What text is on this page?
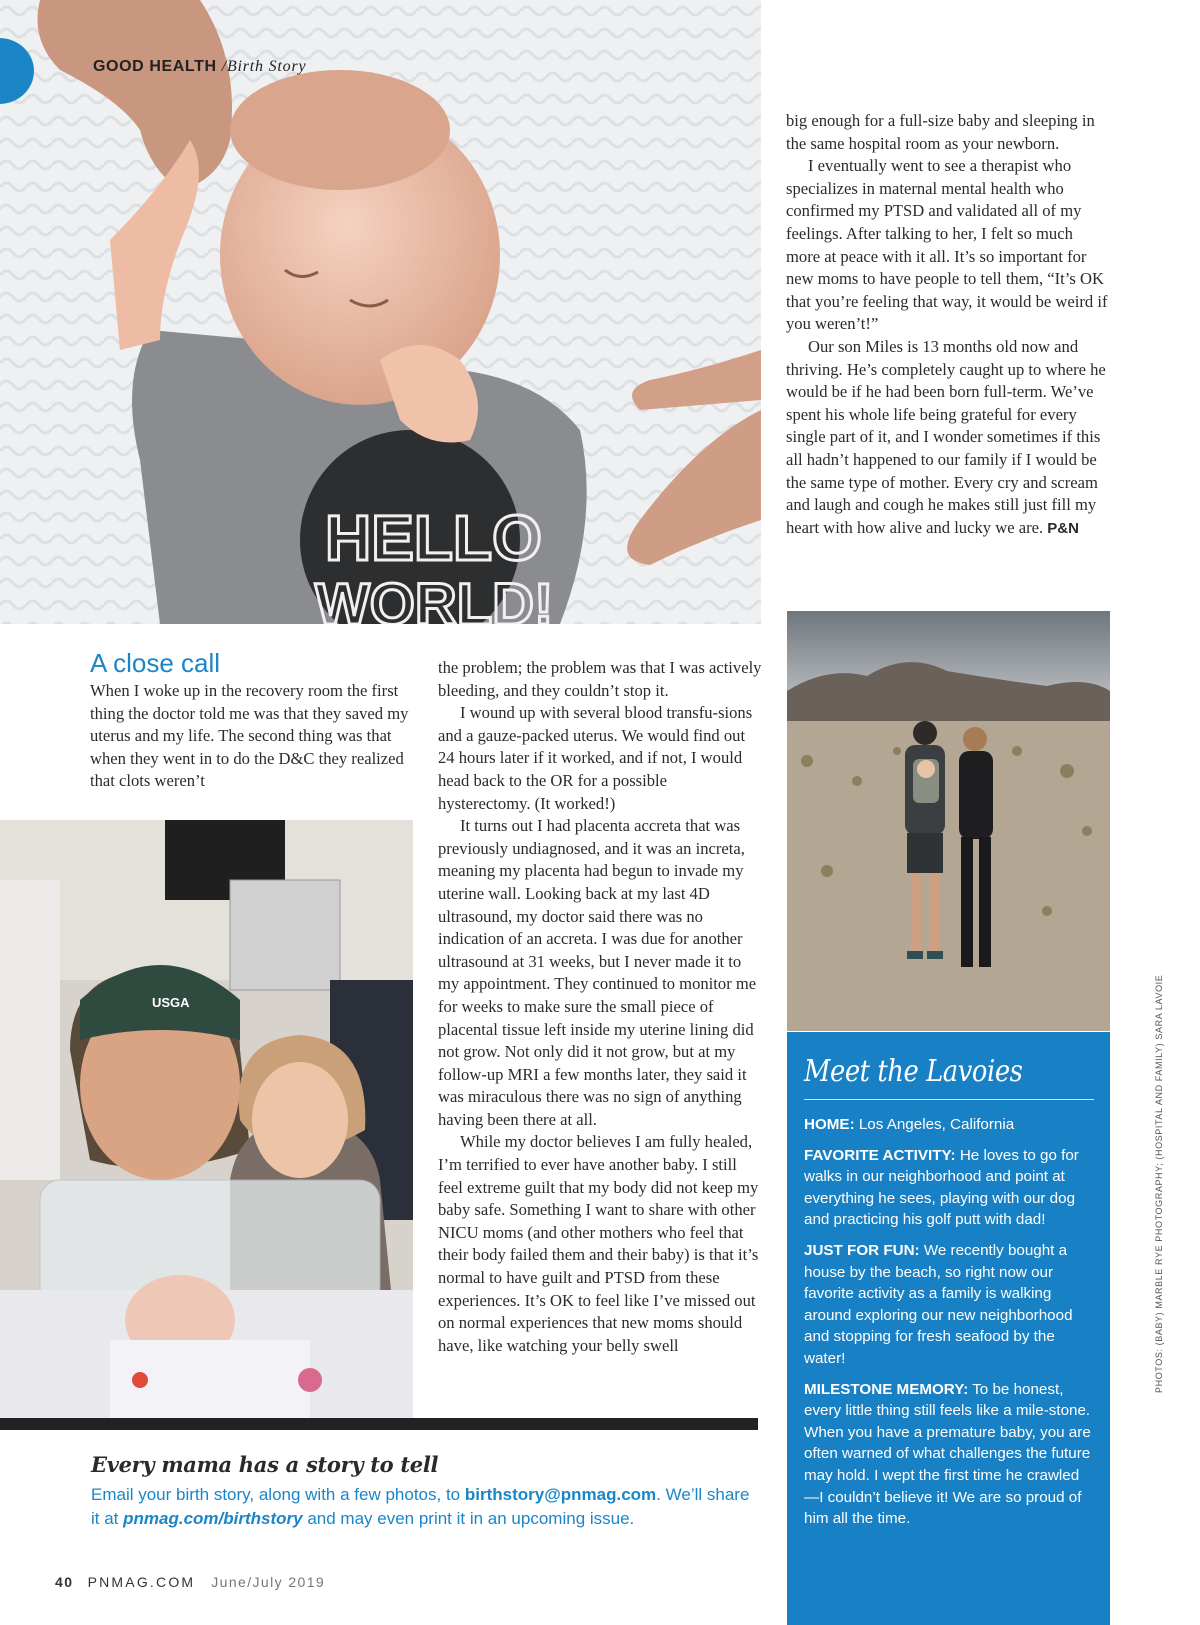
HELLO
WORLD!
GOOD HEALTH /Birth Story

big enough for a full-size baby and sleeping in the same hospital room as your newborn.

I eventually went to see a therapist who specializes in maternal mental health who confirmed my PTSD and validated all of my feelings. After talking to her, I felt so much more at peace with it all. It’s so important for new moms to have people to tell them, “It’s OK that you’re feeling that way, it would be weird if you weren’t!”

Our son Miles is 13 months old now and thriving. He’s completely caught up to where he would be if he had been born full-term. We’ve spent his whole life being grateful for every single part of it, and I wonder sometimes if this all hadn’t happened to our family if I would be the same type of mother. Every cry and scream and laugh and cough he makes still just fill my heart with how alive and lucky we are. P&N

A close call

When I woke up in the recovery room the first thing the doctor told me was that they saved my uterus and my life. The second thing was that when they went in to do the D&C they realized that clots weren’t

USGA

the problem; the problem was that I was actively bleeding, and they couldn’t stop it.

I wound up with several blood transfu-sions and a gauze-packed uterus. We would find out 24 hours later if it worked, and if not, I would head back to the OR for a possible hysterectomy. (It worked!)

It turns out I had placenta accreta that was previously undiagnosed, and it was an increta, meaning my placenta had begun to invade my uterine wall. Looking back at my last 4D ultrasound, my doctor said there was no indication of an accreta. I was due for another ultrasound at 31 weeks, but I never made it to my appointment. They continued to monitor me for weeks to make sure the small piece of placental tissue left inside my uterine lining did not grow. Not only did it not grow, but at my follow-up MRI a few months later, they said it was miraculous there was no sign of anything having been there at all.

While my doctor believes I am fully healed, I’m terrified to ever have another baby. I still feel extreme guilt that my body did not keep my baby safe. Something I want to share with other NICU moms (and other mothers who feel that their body failed them and their baby) is that it’s normal to have guilt and PTSD from these experiences. It’s OK to feel like I’ve missed out on normal experiences that new moms should have, like watching your belly swell

Every mama has a story to tell
Email your birth story, along with a few photos, to birthstory@pnmag.com. We’ll share it at pnmag.com/birthstory and may even print it in an upcoming issue.
40 PNMAG.COM June/July 2019
Meet the Lavoies

HOME: Los Angeles, California

FAVORITE ACTIVITY: He loves to go for walks in our neighborhood and point at everything he sees, playing with our dog and practicing his golf putt with dad!

JUST FOR FUN: We recently bought a house by the beach, so right now our favorite activity as a family is walking around exploring our new neighborhood and stopping for fresh seafood by the water!

MILESTONE MEMORY: To be honest, every little thing still feels like a mile-stone. When you have a premature baby, you are often warned of what challenges the future may hold. I wept the first time he crawled—I couldn’t believe it! We are so proud of him all the time.

PHOTOS: (BABY) MARBLE RYE PHOTOGRAPHY; (HOSPITAL AND FAMILY) SARA LAVOIE
